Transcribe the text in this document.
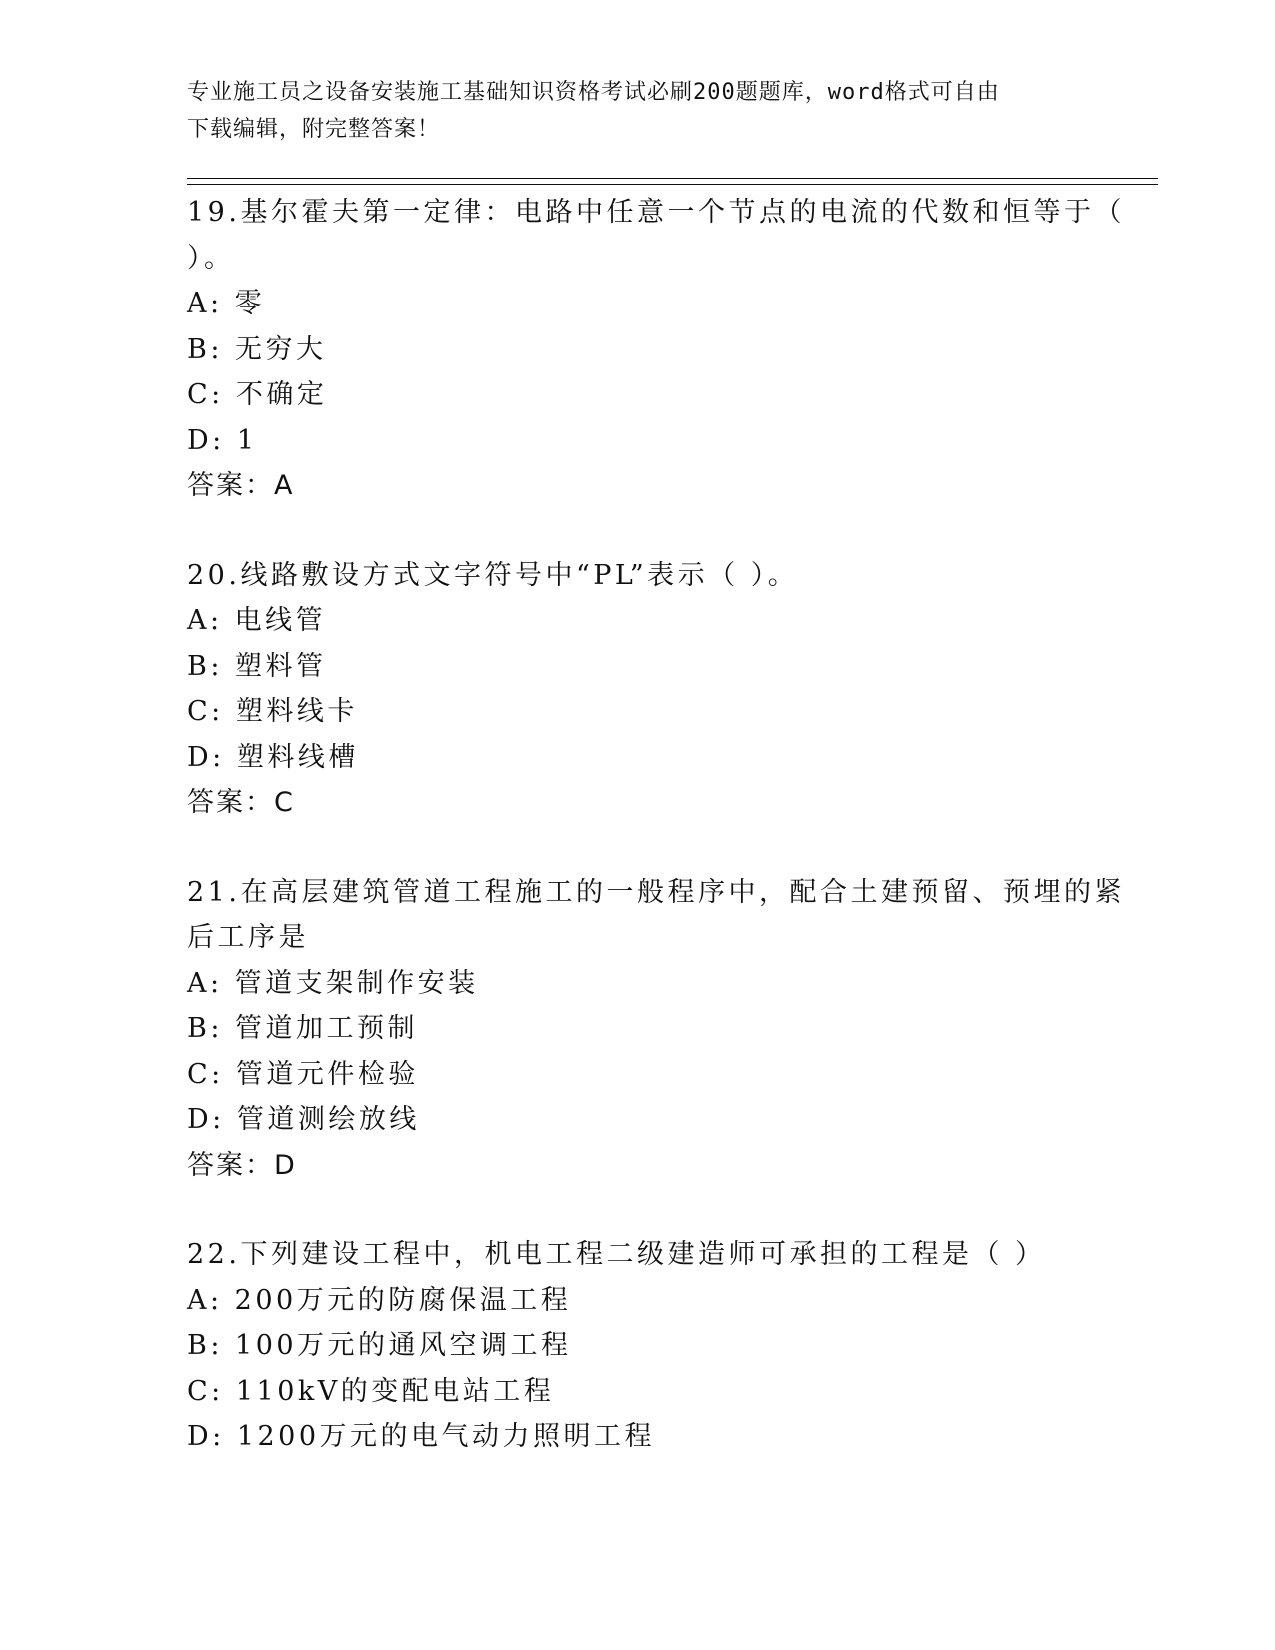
专业施工员之设备安装施工基础知识资格考试必刷200题题库，word格式可自由
下载编辑，附完整答案！
19.基尔霍夫第一定律：电路中任意一个节点的电流的代数和恒等于（
）。
A: 零
B: 无穷大
C: 不确定
D: 1
答案：A
20.线路敷设方式文字符号中“PL”表示（ ）。
A: 电线管
B: 塑料管
C: 塑料线卡
D: 塑料线槽
答案：C
21.在高层建筑管道工程施工的一般程序中，配合土建预留、预埋的紧
后工序是
A: 管道支架制作安装
B: 管道加工预制
C: 管道元件检验
D: 管道测绘放线
答案：D
22.下列建设工程中，机电工程二级建造师可承担的工程是（ ）
A: 200万元的防腐保温工程
B: 100万元的通风空调工程
C: 110kV的变配电站工程
D: 1200万元的电气动力照明工程
